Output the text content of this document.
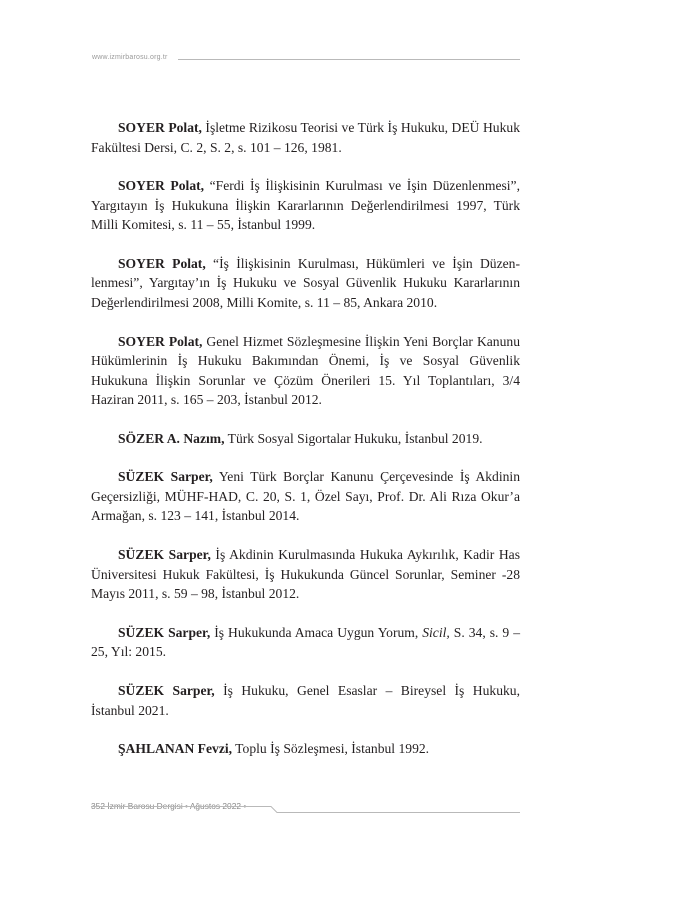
www.izmirbarosu.org.tr

SOYER Polat, İşletme Rizikosu Teorisi ve Türk İş Hukuku, DEÜ Hukuk Fakültesi Dersi, C. 2, S. 2, s. 101 – 126, 1981.

SOYER Polat, “Ferdi İş İlişkisinin Kurulması ve İşin Düzenlenmesi”, Yargıtayın İş Hukukuna İlişkin Kararlarının Değerlendirilmesi 1997, Türk Milli Komitesi, s. 11 – 55, İstanbul 1999.

SOYER Polat, “İş İlişkisinin Kurulması, Hükümleri ve İşin Düzenlenmesi”, Yargıtay’ın İş Hukuku ve Sosyal Güvenlik Hukuku Kararlarının Değerlendirilmesi 2008, Milli Komite, s. 11 – 85, Ankara 2010.

SOYER Polat, Genel Hizmet Sözleşmesine İlişkin Yeni Borçlar Kanunu Hükümlerinin İş Hukuku Bakımından Önemi, İş ve Sosyal Güvenlik Hukukuna İlişkin Sorunlar ve Çözüm Önerileri 15. Yıl Toplantıları, 3/4 Haziran 2011, s. 165 – 203, İstanbul 2012.

SÖZER A. Nazım, Türk Sosyal Sigortalar Hukuku, İstanbul 2019.

SÜZEK Sarper, Yeni Türk Borçlar Kanunu Çerçevesinde İş Akdinin Geçersizliği, MÜHF-HAD, C. 20, S. 1, Özel Sayı, Prof. Dr. Ali Rıza Okur’a Armağan, s. 123 – 141, İstanbul 2014.

SÜZEK Sarper, İş Akdinin Kurulmasında Hukuka Aykırılık, Kadir Has Üniversitesi Hukuk Fakültesi, İş Hukukunda Güncel Sorunlar, Seminer -28 Mayıs 2011, s. 59 – 98, İstanbul 2012.

SÜZEK Sarper, İş Hukukunda Amaca Uygun Yorum, Sicil, S. 34, s. 9 – 25, Yıl: 2015.

SÜZEK Sarper, İş Hukuku, Genel Esaslar – Bireysel İş Hukuku, İstanbul 2021.

ŞAHLANAN Fevzi, Toplu İş Sözleşmesi, İstanbul 1992.

352 İzmir Barosu Dergisi • Ağustos 2022 •
